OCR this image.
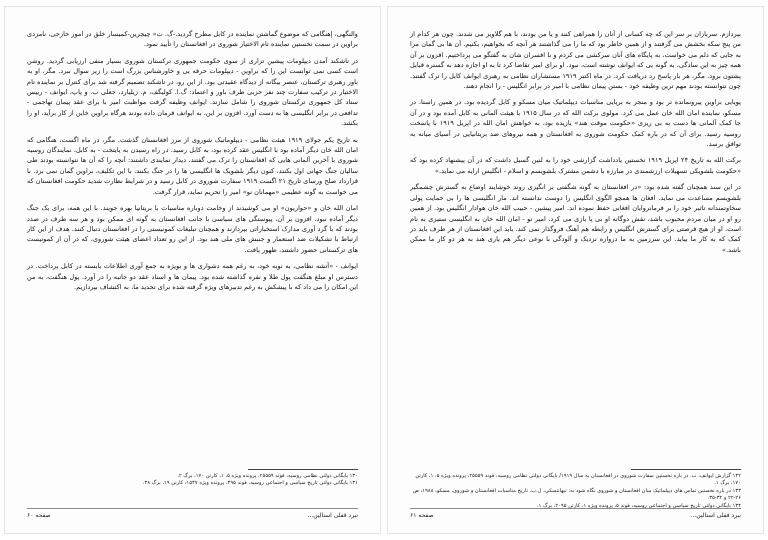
والنگهی، إهنگامی که موضوع گماشتن نماینده در کابل مطرح گردید.-گ. ت» چیچرین-کمیسار خلق در امور خارجی، نامزدی براوین در سمت نخستین نماینده تام الاختیار شوروی در افغانستان را تأیید نمود.

در تاشکند آمدن دیپلومات پیشین تزاری از سوی حکومت جمهوری ترکستان شوروی بسیار منفی ارزیابی گردید. روشن است کسی نمی توانست این را که براوین - دیپلومات حرفه یی و خاورشناس بزرگ است را زیر سوال ببرد. مگر، او به باور رهبری ترکستان، عنصر بیگانه از دیدگاه عقیدتی بود. از این رو، در تاشکند تصمیم گرفته شد برای کنترل بر نماینده تام الاختیار در ترکیب سفارت چند نفر حزبی طرف باور و اعتماد: گ.ا. کولیگف، م. زیلیارد، جعلی ب. و پاپ، ایوانف - رییس ستاد کل جمهوری ترکستان شوروی را شامل سازند. ایوانف وظیفه گرفت مواظبت امیر با برای عقد پیمان تهاجمی - تدافعی در برابر انگلیسی ها به دست آورد. افزون بر این، به ایوانف فرمان داده بودند هرگاه براوین خاین از کار برآید، او را بکشد.

به تاریخ یکم جولای ۱۹۱۹ هیئت نظامی - دیپلوماتیک شوروی از مرز افغانستان گذشت. مگر، در ماه اگست، هنگامی که امان الله خان دیگر آماده بود با انگلیس عقد کرده بود، به کابل رسید. در راه رسیدن به پایتخت - به کابل، نمایندگان روسیه شوروی با آخرین آلمانی هایی که افغانستان را ترک می گفتند، دیدار نمایندی داشتند: آنچه را که آن ها نتوانسته بودند طی سالیان جنگ جهانی اول بکنند، کنون دیگر بلشویک ها انگلیسی ها را در جنگ بکنند. با این تکلیف، براوین گمان نمی برد. با قرارداد صلح ورسای تاریخ ۲۱ اگست ۱۹۱۹ سفارت شوروی در کابل رسید و در شرایط نظارت شدید حکومت افغانستان که می خواست به گونه عظیمی «مهمانان نو» امیر را تحریم نماید، قرار گرفت.

امان الله خان و «حواریون» او می کوشیدند از وخامت دوباره مناسبات با بریتانیا بهره جویند. با این همه، برای یک جنگ دیگر آماده نبود. افزون بر آن، پیوستگی های سیاسی با جانب افغانستان به گونه ای ممکن بود و هر سه طرف در صدد بودند که با گرد آوری مدارک استخباراتی بپردازند و همچنان تبلیغات کمونیستی را در افغانستان دنبال کنند. هدف از این کار ارتباط با تشکیلات ضد استعمار و جنبش های ملی هند بود. از این رو تعداد اعضای هیئت شوروی، که در آن از کمونیست های ترکستانی حضور داشتند، ظهور یافت.

ایوانف - «آتشه نظامی، به نوبه خود، به رغم همه دشواری ها و بویژه به جمع آوری اطلاعات بایسته در کابل پرداخت. در دسترس او مبلغ هنگفت پول طلا و نقره گذاشته شده بود. پیمان ها و اسناد عقد دو جانبه را در آورد. پول هنگفت، به من این امکان را می داد که با پیشکش به رغم تدبیرهای ویژه گرفته شده برای تحدید ما، به اکتشاف بپردازیم.

۱۳۰ بایگانی دولتی نظامی روسیه، فوند ۲۵۵۵۹، پرونده ویژه ۵، ۱، کارتن ۱۷۰، برگ ۲.

۱۳۱ بایگانی دولتی تاریخ سیاسی و اجتماعی روسیه، فوند ۴۹۵، پرونده ویژه ۱۵۴۷، کارتن ۱۹، برگ ۳۸.

نبرد قفلی استالین...
صفحه ۶۰

بپردازم. سربازان بر سر این که چه کسانی از آنان را همراهی کنند و یا من بودند، با هم گلاویز می شدند. چون هر کدام از من پنج سکه بخشش می گرفتند و از همین خاطر بود که ما را می گذاشتند هر آنچه که بخواهیم، بکنیم. آن ها بی گمان مرا به جایی که دلم می خواست، به پایگاه های آنان سرکشی می کردم و با افسران شان به گفتگو می پرداختیم. افزون بر آن همه چیز به این سادگی، به گونه یی که ایوانف نوشته است، نبود. او برای امیر تقاضا کرد تا به او اجازه دهد به گستره قبایل پشتون برود. مگر، هر بار پاسخ رد دریافت کرد. در ماه اکتبر ۱۹۱۹ مستشاران نظامی به رهبری ایوانف کابل را ترک گفتند. چون نتوانسته بودند مهم ترین وظیفه خود - بستن پیمان نظامی با امیر در برابر انگلیس - را انجام دهند.

پویایی براوین پیرونمانده تر بود و منجر به برپایی مناسبات دیپلماتیک میان مسکو و کابل گردیده بود. در همین راستا، در مسکو، نماینده امان الله خان عمل می کرد. مولوی برکت الله که در سال ۱۹۱۵ با هیئت آلمانی به کابل آمده بود و در آن جا کمک آلمانی ها دست به بی ریزی «حکومت موقت هند» یازیده بود، به خواهش امان الله در اپریل ۱۹۱۹ با پاسخت روسیه رسید. برای آن که در باره کمک حکومت شوروی به افغانستان و همه نیروهای ضد بریتانیایی در آسیای میانه به توافق برسد.

برکت الله به تاریخ ۲۴ اپریل ۱۹۱۹ نخستین یادداشت گزارشی خود را به لنین گسیل داشت که در آن پیشنهاد کرده بود که «حکومت بلشویکی تسهیلات ارزشمندی در مبارزه با دشمن مشترک بلشویسم و اسلام - انگلیس ارایه می نماید.»

در این سند همچنان گفته شده بود: «در افغانستان به گونه شگفتی بر انگیزی روند خوشایند اوضاع به گسترش چشمگیر بلشویسم مساعدت می نماید. افغان ها همچو الگوی انگلیس را دوست ندانسته اند. مار انگلیسی ها را بی حمایت پولی سخاوتمندانه تاثیر خود را بر فرمانروایان افغانی حفظ نموده اند. امیر پیشین - حبیب الله خان هوادار انگلیس بود. از همین رو او در میان مردم محبوب باشد، نقش دوگانه او بی پا بازی می کرد. امیر نو - امان الله خان به انگلیسی ستیزی به نام است. او از هیچ فرصتی برای گسترش انگلیس و رابطه هم آهنگ فروگذار نمی کند. باید این افغانستان از هر طرف باید در کمک که به کار ما بیاید. این سرزمین به ما دروازه نزدیک و آلودگی با نوعی دیگر هم یاری هند به هر دو کار ما ممکن باشد.»

۱۳۲ گزارش ایوانف، ب. در باره نخستین سفارت شوروی در افغانستان به سال ۱۹۱۹/ بایگانی دولتی نظامی روسیه، فوند ۲۵۵۵۹، پرونده ویژه ۵، ۱، کارتن ۱۷۰، برگ ۱.

۱۳۳ در باره نخستین تماس های دیپلماتیک میان افغانستان و شوروی نگاه شود به: تیهانتسکی، ل.ب. تاریخ مناسبات افغانستان و شوروی، مسکو، ۱۹۸۸، ص ۲۶-۲۲ و ۳۲-۳۵.

۱۳۴ بایگانی دولتی تاریخ سیاسی و اجتماعی روسیه، فوند ۵، پرونده ویژه ۱، کارتن ۲۰۹۵، برگ ۱.

نبرد قفلی استالین...
صفحه ۶۱
